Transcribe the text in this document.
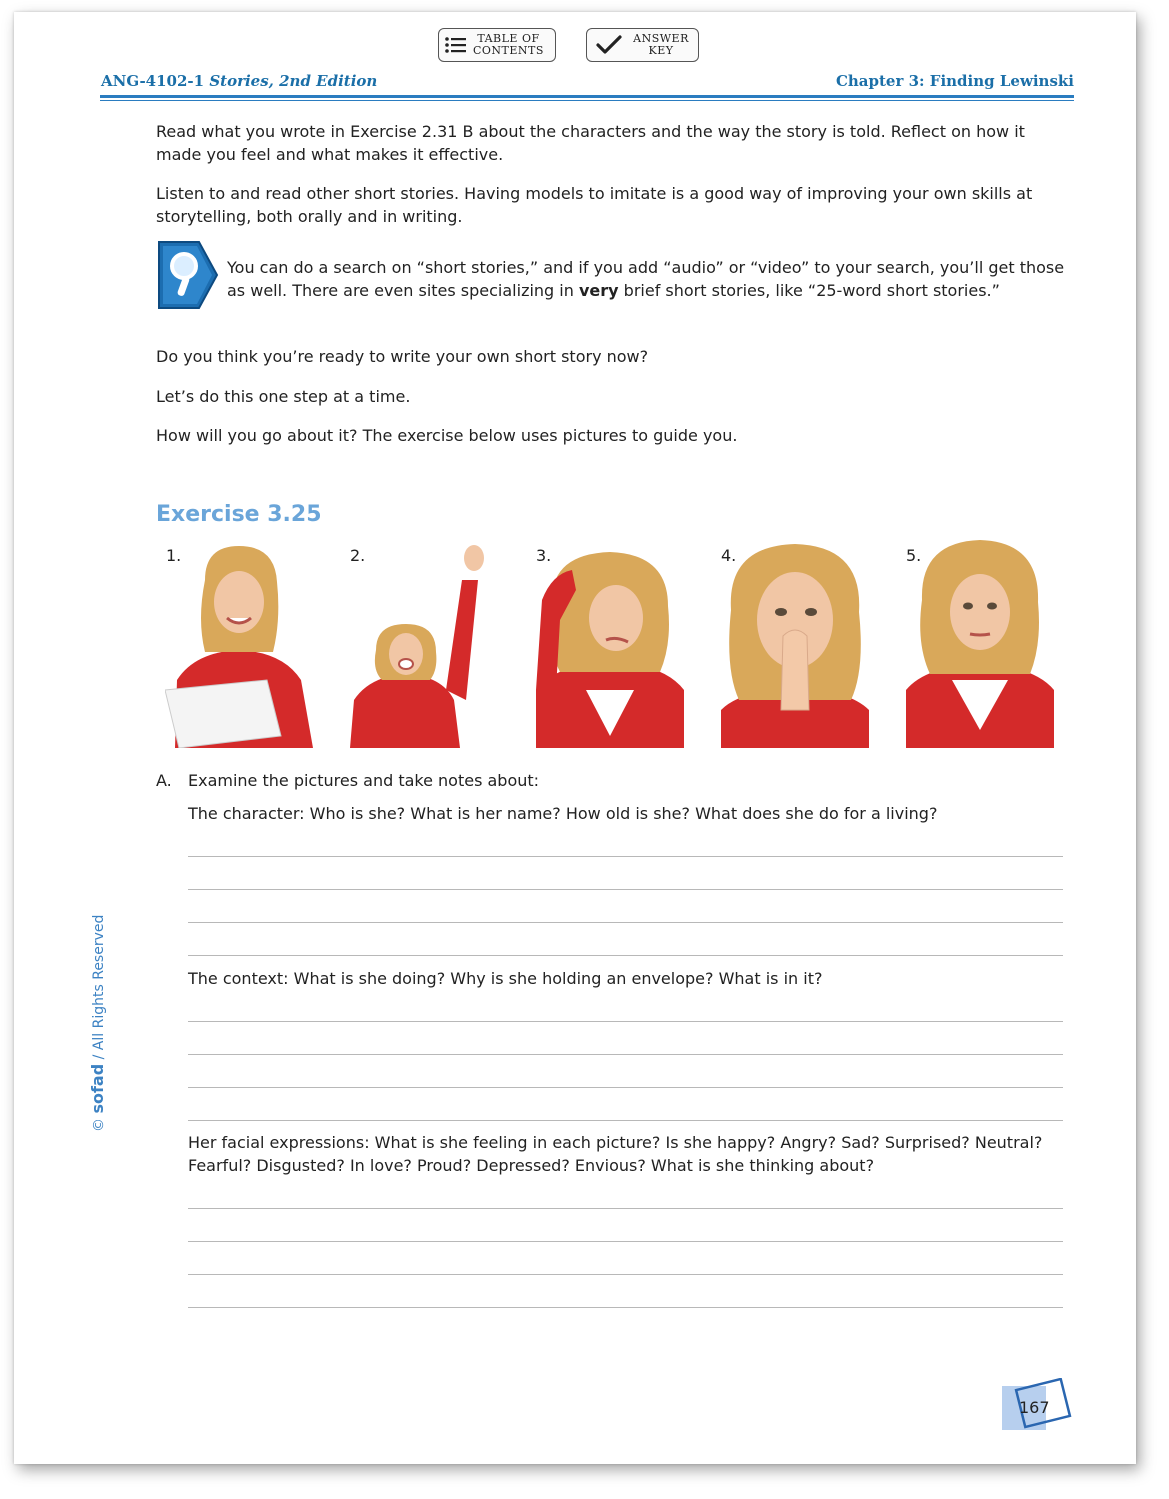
TABLE OF
CONTENTS
ANSWER
KEY
ANG-4102-1 Stories, 2nd Edition	Chapter 3: Finding Lewinski

Read what you wrote in Exercise 2.31 B about the characters and the way the story is told. Reflect on how it made you feel and what makes it effective.

Listen to and read other short stories. Having models to imitate is a good way of improving your own skills at storytelling, both orally and in writing.

You can do a search on “short stories,” and if you add “audio” or “video” to your search, you’ll get those as well. There are even sites specializing in very brief short stories, like “25-word short stories.”

Do you think you’re ready to write your own short story now?

Let’s do this one step at a time.

How will you go about it? The exercise below uses pictures to guide you.

Exercise 3.25
1.	2.	3.	4.	5.
A.	Examine the pictures and take notes about:
The character: Who is she? What is her name? How old is she? What does she do for a living?
The context: What is she doing? Why is she holding an envelope? What is in it?
Her facial expressions: What is she feeling in each picture? Is she happy? Angry? Sad? Surprised? Neutral? Fearful? Disgusted? In love? Proud? Depressed? Envious? What is she thinking about?
© sofad / All Rights Reserved
167
